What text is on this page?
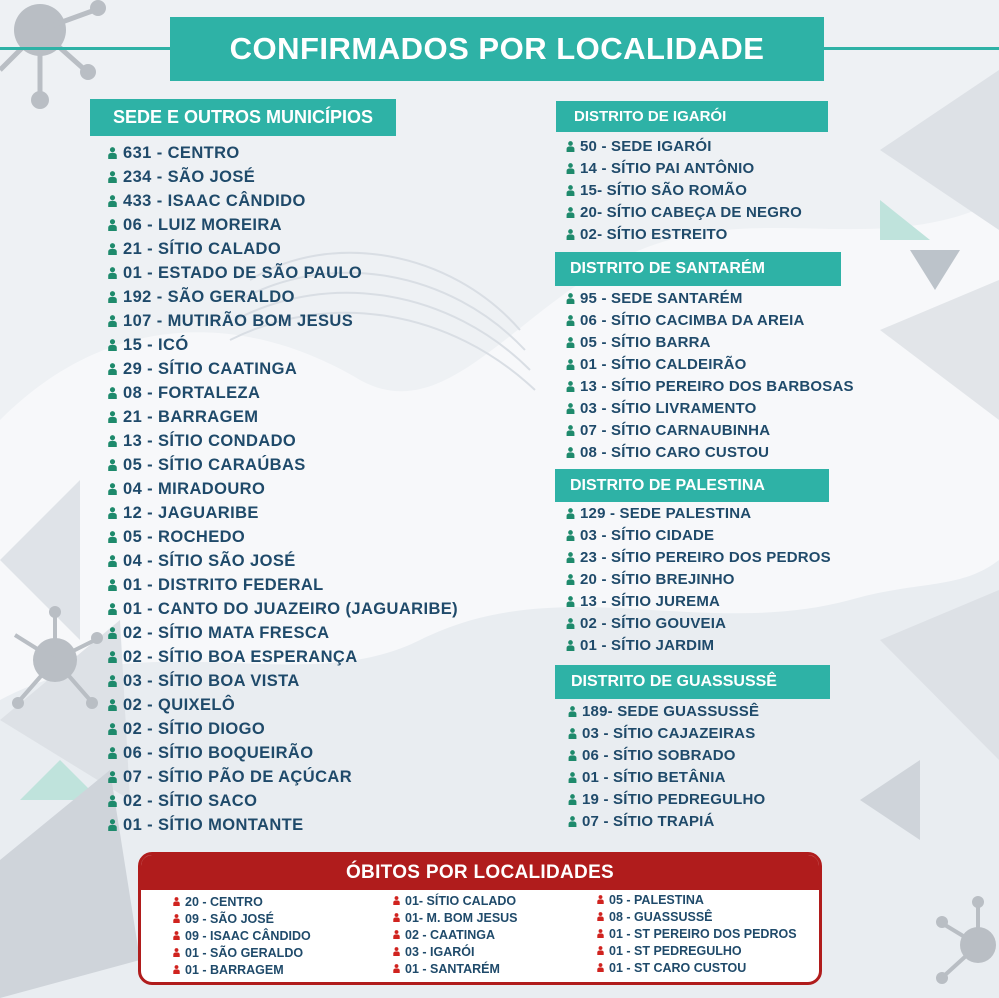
CONFIRMADOS POR LOCALIDADE
SEDE E OUTROS MUNICÍPIOS
631 - CENTRO
234 - SÃO JOSÉ
433 - ISAAC CÂNDIDO
06 - LUIZ MOREIRA
21 - SÍTIO CALADO
01 - ESTADO DE SÃO PAULO
192 - SÃO GERALDO
107 - MUTIRÃO BOM JESUS
15 - ICÓ
29 - SÍTIO CAATINGA
08 - FORTALEZA
21 - BARRAGEM
13 - SÍTIO CONDADO
05 - SÍTIO CARAÚBAS
04 - MIRADOURO
12 - JAGUARIBE
05 - ROCHEDO
04 - SÍTIO SÃO JOSÉ
01 - DISTRITO FEDERAL
01 - CANTO DO JUAZEIRO (JAGUARIBE)
02 - SÍTIO MATA FRESCA
02 - SÍTIO BOA ESPERANÇA
03 - SÍTIO BOA VISTA
02 - QUIXELÔ
02 - SÍTIO DIOGO
06 - SÍTIO BOQUEIRÃO
07 - SÍTIO PÃO DE AÇÚCAR
02 - SÍTIO SACO
01 - SÍTIO MONTANTE
DISTRITO DE IGARÓI
50 - SEDE IGARÓI
14 - SÍTIO PAI ANTÔNIO
15- SÍTIO SÃO ROMÃO
20- SÍTIO CABEÇA DE NEGRO
02- SÍTIO ESTREITO
DISTRITO DE SANTARÉM
95 - SEDE SANTARÉM
06 - SÍTIO CACIMBA DA AREIA
05 - SÍTIO BARRA
01 - SÍTIO CALDEIRÃO
13 - SÍTIO PEREIRO DOS BARBOSAS
03 - SÍTIO LIVRAMENTO
07 - SÍTIO CARNAUBINHA
08 - SÍTIO CARO CUSTOU
DISTRITO DE PALESTINA
129 - SEDE PALESTINA
03 - SÍTIO CIDADE
23 - SÍTIO PEREIRO DOS PEDROS
20 - SÍTIO BREJINHO
13 - SÍTIO JUREMA
02 - SÍTIO GOUVEIA
01 - SÍTIO JARDIM
DISTRITO DE GUASSUSSÊ
189- SEDE GUASSUSSÊ
03 - SÍTIO CAJAZEIRAS
06 - SÍTIO SOBRADO
01 - SÍTIO BETÂNIA
19 - SÍTIO PEDREGULHO
07 - SÍTIO TRAPIÁ
ÓBITOS POR LOCALIDADES
20 - CENTRO
09 - SÃO JOSÉ
09 - ISAAC CÂNDIDO
01 - SÃO GERALDO
01 - BARRAGEM
01- SÍTIO CALADO
01- M. BOM JESUS
02 - CAATINGA
03 - IGARÓI
01 - SANTARÉM
05 - PALESTINA
08 - GUASSUSSÊ
01 - ST PEREIRO DOS PEDROS
01 - ST PEDREGULHO
01 - ST CARO CUSTOU
